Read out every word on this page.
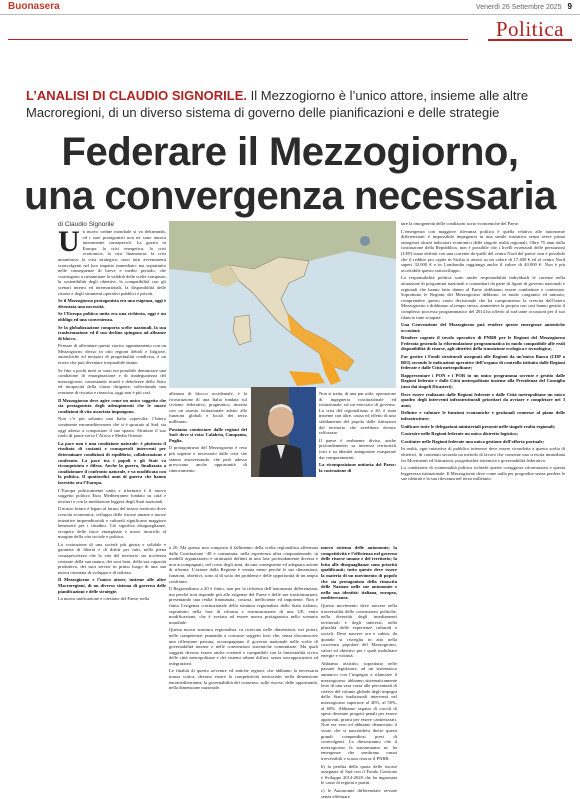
Buonasera	Venerdì 26 Settembre 2025 9
Politica
L’ANALISI DI CLAUDIO SIGNORILE. Il Mezzogiorno è l’unico attore, insieme alle altre Macroregioni, di un diverso sistema di governo delle pianificazioni e delle strategie
Federare il Mezzogiorno,
una convergenza necessaria
di Claudio Signorile

Un nuovo ordine mondiale si va delineando, ed i suoi protagonisti non ne sono ancora interamente consapevoli. La guerra in Europa: la crisi energetica, la crisi economica, la crisi finanziaria: la crisi umanitaria; la crisi strategica: sono tutti avvenimenti sconvolgenti nel loro impatto immediato: ma soprattutto nelle conseguenze di breve e medio periodo, che costringono a riesaminare la validità delle scelte compiute, la sostenibilità degli obiettivi, la compatibilità con gli scenari interni ed internazionali, la disponibilità delle risorse e degli strumenti operativi pubblici e privati.

Se il Mezzogiorno protagonista era una esigenza, oggi è diventata una necessità.

Se l’Europa politica unita era una richiesta, oggi è un obbligo ed una convenienza.

Se la globalizzazione comporta scelte nazionali, la sua trasformazione ed il suo declino spingono ad alleanze di blocco.

Pensare di affrontare questo storico appuntamento con un Mezzogiorno diviso in otto regioni deboli e litigiose, autarchiche ed incapaci di progettualità condivisa, è un errore che può diventare irreparabile danno.

Se fino a pochi mesi or sono era possibile denunciare una condizione di emarginazione e di inadeguatezza del mezzogiorno, contestando ritardi e debolezze dello Stato ed incapacità della classe dirigente, sollecitando una reazione di riscatto e rinascita, oggi non è più così.

Il Mezzogiorno deve agire come un unico soggetto che sia protagonista degli adempimenti che le nuove condizioni di vita associata impongono.

Non c’è più soltanto una Italia capovolta: l’Intero continente euromediterraneo che si è spostato al Sud, sia oggi adesso a conquistare il suo spazio. Sfruttare il suo ruolo di ponte verso l’Africa e Medio Oriente.

La pace non è una condizione naturale: è piuttosto il risultato di costanti e consapevoli interventi per determinare condizioni di equilibrio, collaborazione e confronto. La pace tra i popoli e gli Stati va riconquistata e difesa. Anche la guerra, finalizzata a condizionare il confronto naturale, e va modificata con la politica. Il quattordici anni di guerra che hanno investito ora l’Europa.

L’Europa politicamente unita e riformata è il nuovo soggetto politico Euro Mediterraneo fondato su città e territori e con la mediazione leggera degli Stati nazionali.

Il nostro futuro è legato al futuro del nostro territorio dove crescita economica, sviluppo delle risorse umane e nuove iniziative imprenditoriali e culturali significano maggiore benessere per i cittadini. Ciò significa disuguaglianze, recupero delle fasce emarginate e nuovi incarichi al margine della vita sociale e politica.

La costruzione di una società più giusta e solidale e garanzia di libertà e di diritti per tutti, nella piena consapevolezza che la vita del territorio sia ricchezza costante della sua natura, dei suoi beni, della sua capacità produttiva, dei suoi servizi in primo luogo di una sua nuova orientata di sviluppo e di utilizzo.

Il Mezzogiorno e l’unico attore, insieme alle altre Macroregioni, di un diverso sistema di governo delle pianificazioni e delle strategie.

La nuova unificazione e coesione del Paese, nella

alleanza di blocco occidentale, è la ricostruzione di una Italia fondata sul civismo federativo, pragmatico, inserita con un assetto istituzionale adatto alle funzioni globali e locali dei terzo millennio.

Possiamo cominciare dalle regioni del Sud: dove si vota: Calabria, Campania, Puglia.

Il protagonismo del Mezzogiorno è reso più urgente e necessario dalle crisi che stanno attraversando, che però adesso provocano anche opportunità di rinnovamento.

Non si tratta, di una pur utile, operazione di ingegneria costituzionale ed istituzionale, né un esercizio di governo. La crisi del regionalismo a 20, è stata insieme con altre, causa ed effetto di uno sfaldamento del popolo dalle istituzioni del territorio che avrebbero dovuto rafforzare.

Il paese è realmente diviso, anche profondamente; su interessi territoriali forti e su identità antagoniste esasperate dai comportamenti.

La ricomposizione unitaria del Paese: la costruzione di

a 20. Ma questo non comporta il fallimento della scelta regionalista affermata dalla Costituzione ‘48 e consumata, nella esperienza ultra cinquantennale, in modelli organizzativi e strutturali definiti in una fase profondamente diversa e non accompagnati, nel corso degli anni, da una conseguente ed adeguata azione di riforma. L’azione dalla Regione è venuta meno perché le sue dimensioni, funzioni, obiettivi, sono al di sotto dei problemi e delle opportunità di un ampio confronto.

Il Regionalismo a 20 è finito, non per la richiesta dell’autonomia differenziata, ma perché non risponde più alle esigenze del Paese e delle sue trasformazioni, presentando una realtà frantumata, costosa, inefficiente ed impotente. Non è finita l’esigenza costituzionale della struttura regionalista dello Stato italiano, soprattutto nella fase di riforma e ristrutturazione di una UE, entro modificazione, che è avviata ad essere nuova protagonista nello scenario mondiale.

Questa nuova struttura regionalista va ricercata nelle dimensioni, nei poteri, nelle competenze; puntando a costruire soggetti forti che, senza disconoscere una riflessione passata, accompagnano il governo nazionale nelle scelte di governabilità interne e nelle convenzioni sistemiche comunitarie. Ma quali soggetti devono essere anche coerenti e compatibili con la funzionalità civica delle città metropolitane e dei sistemi urbani diffusi, senza sovrapposizioni ed integrazioni.

Le finalità di questo avvenire ed antiche regioni, che abbiamo la necessaria massa critica, devono essere la competitività territoriale; nella dimensione euromediterranea; la governabilità del consenso, sulle risorse, delle opportunità, nella dimensione nazionale.

nuovo sistema delle autonomie; la competitività e l’efficienza nel governo delle risorse umane e del territorio; la lotta alle diseguaglianze sono priorità qualificanti; tutto questo deve essere la materia di un movimento di popolo che sia protagonista della rinascita delle Nazione nelle sue autonomie e nella sua identità: italiana, europea, mediterranea.

Questo movimento deve nascere nella trasversalità delle convinzioni politiche, nella diversità degli insediamenti territoriali e degli interessi: nella pluralità delle esperienze culturali e sociali. Deve nascere ora e subito, da quando si risveglia in atto nella coscienza popolare del Mezzogiorno, valori ed obiettivi per i quali mobilitare energie e volontà.

Abbiamo assistito, soprattutto nelle passate legislature, ad un sistematico annuncio con l’impegno a rilanciare il mezzogiorno: abbiamo sistematicamente letto di una vera corsa alle percentuali di riserve del volume globale degli impegni dello Stato tradizionali interventi nel mezzogiorno superiore al 40%, al 50%, al 60%. Abbiamo seguito di circoli di spese divenute progetti penali per essere approvati, promi per essere cantierizzati. Non era vero ed abbiamo denunciato il vuoto che si nascondeva dietro questi grandi compendiosi presi di coinvolgenti. Lo dimostriamo che il mezzogiorno fa riassumiamo in: ha emergenze che sembrano ormai irreversibili e scarso risorse il PNRR.

b) la perdita della quota delle risorse assegnate al Sud con il Fondo Coesione e Sviluppo 2014-2020 che ha ingrassata le casse di regioni e partiti.

c) le Autonomie differenziate avviate senza effettuare

tare la omogeneità delle condizioni socio economiche del Paese.

L’emergenza con maggiore rilevanza politica è quella relativa alle autonomie differenziate: è impossibile impegnarsi in una simile iniziativa senza avere prima omogenei alcuni indicatori economici delle singole realtà regionali. Oltre 75 anni dalla costituzione della Repubblica, non è possibile che i livelli essenziali delle prestazioni (LEP) siano definiti con una corrente da quelli del centro Nord del paese: non è possibile che il reddito pro capite in Sicilia si attesti su un valore di 17.400 € ed al centro Nord superi 32.000 € e in Lombardia raggiunga anche il valore di 40.000 €. Non è più accettabile questo sottosviluppo.

La responsabilità politica sono anche responsabilità individuali le carenze nella attuazione di programmi nazionali e comunitari da parte di figure di governo nazionali e regionali che hanno fatto danno al Paese dobbiamo essere combattute e contestate. Soprattutto le Regioni del Mezzogiorno debbono, in modo congiunto ed unitario, comprendere questo vuoto decisionale che ha compromesso la crescita dell’intero Mezzogiorno e dobbiamo al tempo stesso, ammettere la propria con così hanno gestito il complesso processo programmatico del 2014 ha offerto al sud tante occasioni per il suo rilancio tutte sciupate.

Una Convenzione del Mezzogiorno può rendere queste emergenze autentiche occasioni:

Rendere cogente il tavolo operativo di PNRR per le Regioni del Mezzogiorno Federata gestendo la riformulazione programmatica in modo compatibile alle reali disponibilità di risorse, agli obiettivi della transizione ecologica e tecnologica;

Far gestire i Fondi strutturali assegnati alle Regioni da un’unica Banca (CDP o BEI) secondo le indicazioni operative dell’organo di controllo istituito dalle Regioni federate e dalle Città metropolitane;

Rappresentare i PON e i POR in un unico programma sovente e gestito dalle Regioni federate e dalle Città metropolitane insieme alla Presidenza del Consiglio (non dai singoli Dicasteri);

Deve essere realizzato dalle Regioni federate e dalle Città metropolitane un unico quadro degli interventi infrastrutturali prioritari da avviare e completare nei 3 anni;

Definire e valutare le funzioni economiche e gestionali connesse al piano delle infrastrutture;

Unificare tutte le delegazioni ministeriali presenti nelle singole realtà regionali;

Costruire nelle Regioni federate un unico distretto logistico;

Costituire nelle Regioni federate una unica gestione dell’offerta portuale;

In realtà, ogni iniziativa di pubblico interesse deve essere ricondotta a questa scelta di obiettivi, di contenuti seconda un metodo di lavoro che consente una crescita immediata fra Movimenti ed Istituzioni, progettualità sistemica e governabilità federativa.

La condizione di ecumenalità politica richiede queste coraggiose riformazioni e questa leggerezza istituzionale. Il Mezzogiorno deve come nulla per progredire senza perdere le sue identità e la sua rilevanza nel terzo millennio.
